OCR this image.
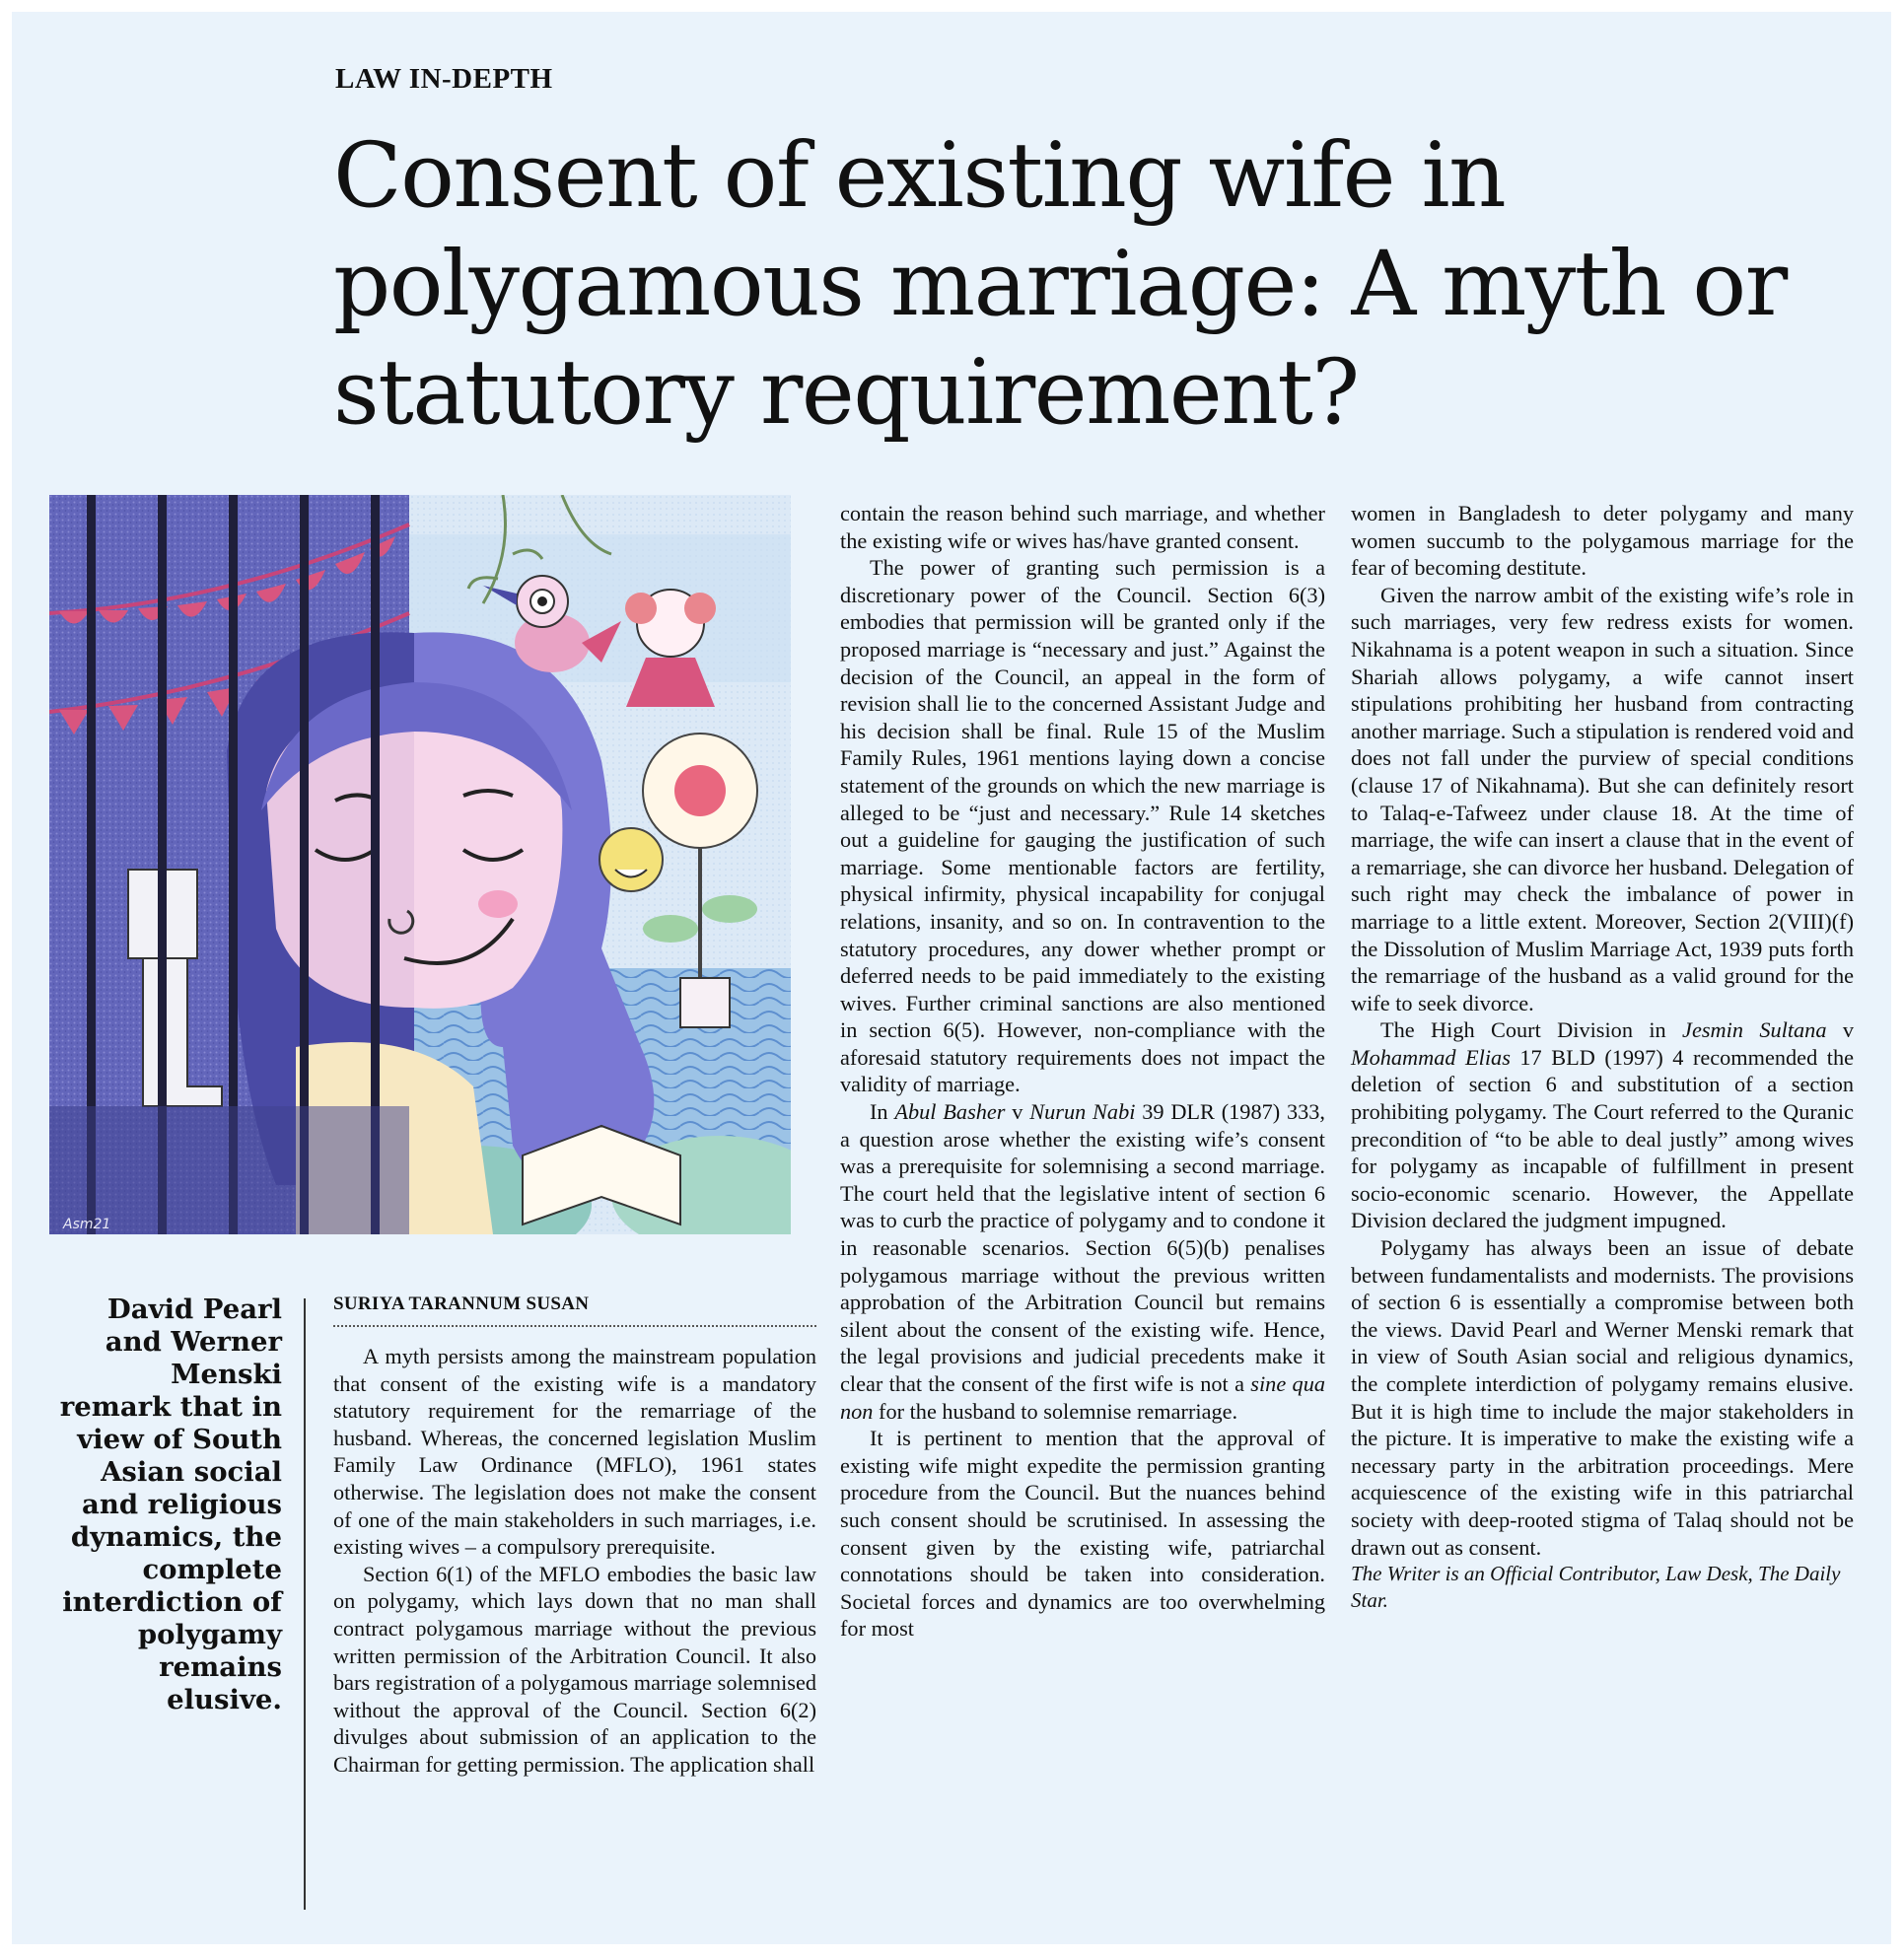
LAW IN-DEPTH
Consent of existing wife in polygamous marriage: A myth or statutory requirement?
Asm21
David Pearl and Werner Menski remark that in view of South Asian social and religious dynamics, the complete interdiction of polygamy remains elusive.
SURIYA TARANNUM SUSAN

A myth persists among the mainstream population that consent of the existing wife is a mandatory statutory requirement for the remarriage of the husband. Whereas, the concerned legislation Muslim Family Law Ordinance (MFLO), 1961 states otherwise. The legislation does not make the consent of one of the main stakeholders in such marriages, i.e. existing wives – a compulsory prerequisite.

Section 6(1) of the MFLO embodies the basic law on polygamy, which lays down that no man shall contract polygamous marriage without the previous written permission of the Arbitration Council. It also bars registration of a polygamous marriage solemnised without the approval of the Council. Section 6(2) divulges about submission of an application to the Chairman for getting permission. The application shall

contain the reason behind such marriage, and whether the existing wife or wives has/have granted consent.

The power of granting such permission is a discretionary power of the Council. Section 6(3) embodies that permission will be granted only if the proposed marriage is “necessary and just.” Against the decision of the Council, an appeal in the form of revision shall lie to the concerned Assistant Judge and his decision shall be final. Rule 15 of the Muslim Family Rules, 1961 mentions laying down a concise statement of the grounds on which the new marriage is alleged to be “just and necessary.” Rule 14 sketches out a guideline for gauging the justification of such marriage. Some mentionable factors are fertility, physical infirmity, physical incapability for conjugal relations, insanity, and so on. In contravention to the statutory procedures, any dower whether prompt or deferred needs to be paid immediately to the existing wives. Further criminal sanctions are also mentioned in section 6(5). However, non-compliance with the aforesaid statutory requirements does not impact the validity of marriage.

In Abul Basher v Nurun Nabi 39 DLR (1987) 333, a question arose whether the existing wife’s consent was a prerequisite for solemnising a second marriage. The court held that the legislative intent of section 6 was to curb the practice of polygamy and to condone it in reasonable scenarios. Section 6(5)(b) penalises polygamous marriage without the previous written approbation of the Arbitration Council but remains silent about the consent of the existing wife. Hence, the legal provisions and judicial precedents make it clear that the consent of the first wife is not a sine qua non for the husband to solemnise remarriage.

It is pertinent to mention that the approval of existing wife might expedite the permission granting procedure from the Council. But the nuances behind such consent should be scrutinised. In assessing the consent given by the existing wife, patriarchal connotations should be taken into consideration. Societal forces and dynamics are too overwhelming for most

women in Bangladesh to deter polygamy and many women succumb to the polygamous marriage for the fear of becoming destitute.

Given the narrow ambit of the existing wife’s role in such marriages, very few redress exists for women. Nikahnama is a potent weapon in such a situation. Since Shariah allows polygamy, a wife cannot insert stipulations prohibiting her husband from contracting another marriage. Such a stipulation is rendered void and does not fall under the purview of special conditions (clause 17 of Nikahnama). But she can definitely resort to Talaq-e-Tafweez under clause 18. At the time of marriage, the wife can insert a clause that in the event of a remarriage, she can divorce her husband. Delegation of such right may check the imbalance of power in marriage to a little extent. Moreover, Section 2(VIII)(f) the Dissolution of Muslim Marriage Act, 1939 puts forth the remarriage of the husband as a valid ground for the wife to seek divorce.

The High Court Division in Jesmin Sultana v Mohammad Elias 17 BLD (1997) 4 recommended the deletion of section 6 and substitution of a section prohibiting polygamy. The Court referred to the Quranic precondition of “to be able to deal justly” among wives for polygamy as incapable of fulfillment in present socio-economic scenario. However, the Appellate Division declared the judgment impugned.

Polygamy has always been an issue of debate between fundamentalists and modernists. The provisions of section 6 is essentially a compromise between both the views. David Pearl and Werner Menski remark that in view of South Asian social and religious dynamics, the complete interdiction of polygamy remains elusive. But it is high time to include the major stakeholders in the picture. It is imperative to make the existing wife a necessary party in the arbitration proceedings. Mere acquiescence of the existing wife in this patriarchal society with deep-rooted stigma of Talaq should not be drawn out as consent.

The Writer is an Official Contributor, Law Desk, The Daily Star.
